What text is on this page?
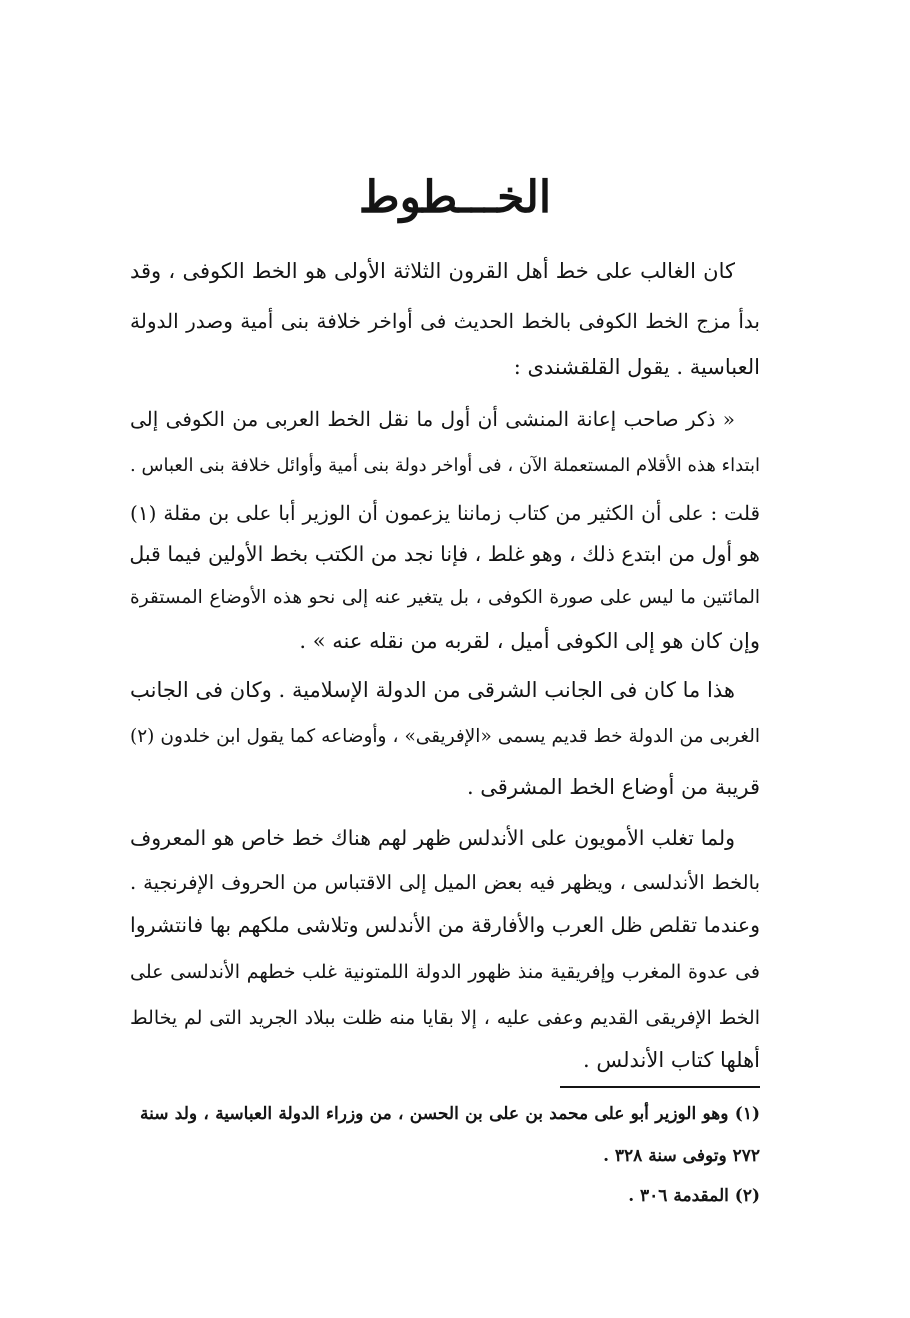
الخـــطوط
كان الغالب على خط أهل القرون الثلاثة الأولى هو الخط الكوفى ، وقد
بدأ مزج الخط الكوفى بالخط الحديث فى أواخر خلافة بنى أمية وصدر الدولة
العباسية . يقول القلقشندى :
« ذكر صاحب إعانة المنشى أن أول ما نقل الخط العربى من الكوفى إلى
ابتداء هذه الأقلام المستعملة الآن ، فى أواخر دولة بنى أمية وأوائل خلافة بنى العباس .
قلت : على أن الكثير من كتاب زماننا يزعمون أن الوزير أبا على بن مقلة (١)
هو أول من ابتدع ذلك ، وهو غلط ، فإنا نجد من الكتب بخط الأولين فيما قبل
المائتين ما ليس على صورة الكوفى ، بل يتغير عنه إلى نحو هذه الأوضاع المستقرة
وإن كان هو إلى الكوفى أميل ، لقربه من نقله عنه » .
هذا ما كان فى الجانب الشرقى من الدولة الإسلامية . وكان فى الجانب
الغربى من الدولة خط قديم يسمى «الإفريقى» ، وأوضاعه كما يقول ابن خلدون (٢)
قريبة من أوضاع الخط المشرقى .
ولما تغلب الأمويون على الأندلس ظهر لهم هناك خط خاص هو المعروف
بالخط الأندلسى ، ويظهر فيه بعض الميل إلى الاقتباس من الحروف الإفرنجية .
وعندما تقلص ظل العرب والأفارقة من الأندلس وتلاشى ملكهم بها فانتشروا
فى عدوة المغرب وإفريقية منذ ظهور الدولة اللمتونية غلب خطهم الأندلسى على
الخط الإفريقى القديم وعفى عليه ، إلا بقايا منه ظلت ببلاد الجريد التى لم يخالط
أهلها كتاب الأندلس .
(١) وهو الوزير أبو على محمد بن على بن الحسن ، من وزراء الدولة العباسية ، ولد سنة
٢٧٢ وتوفى سنة ٣٢٨ .
(٢) المقدمة ٣٠٦ .
